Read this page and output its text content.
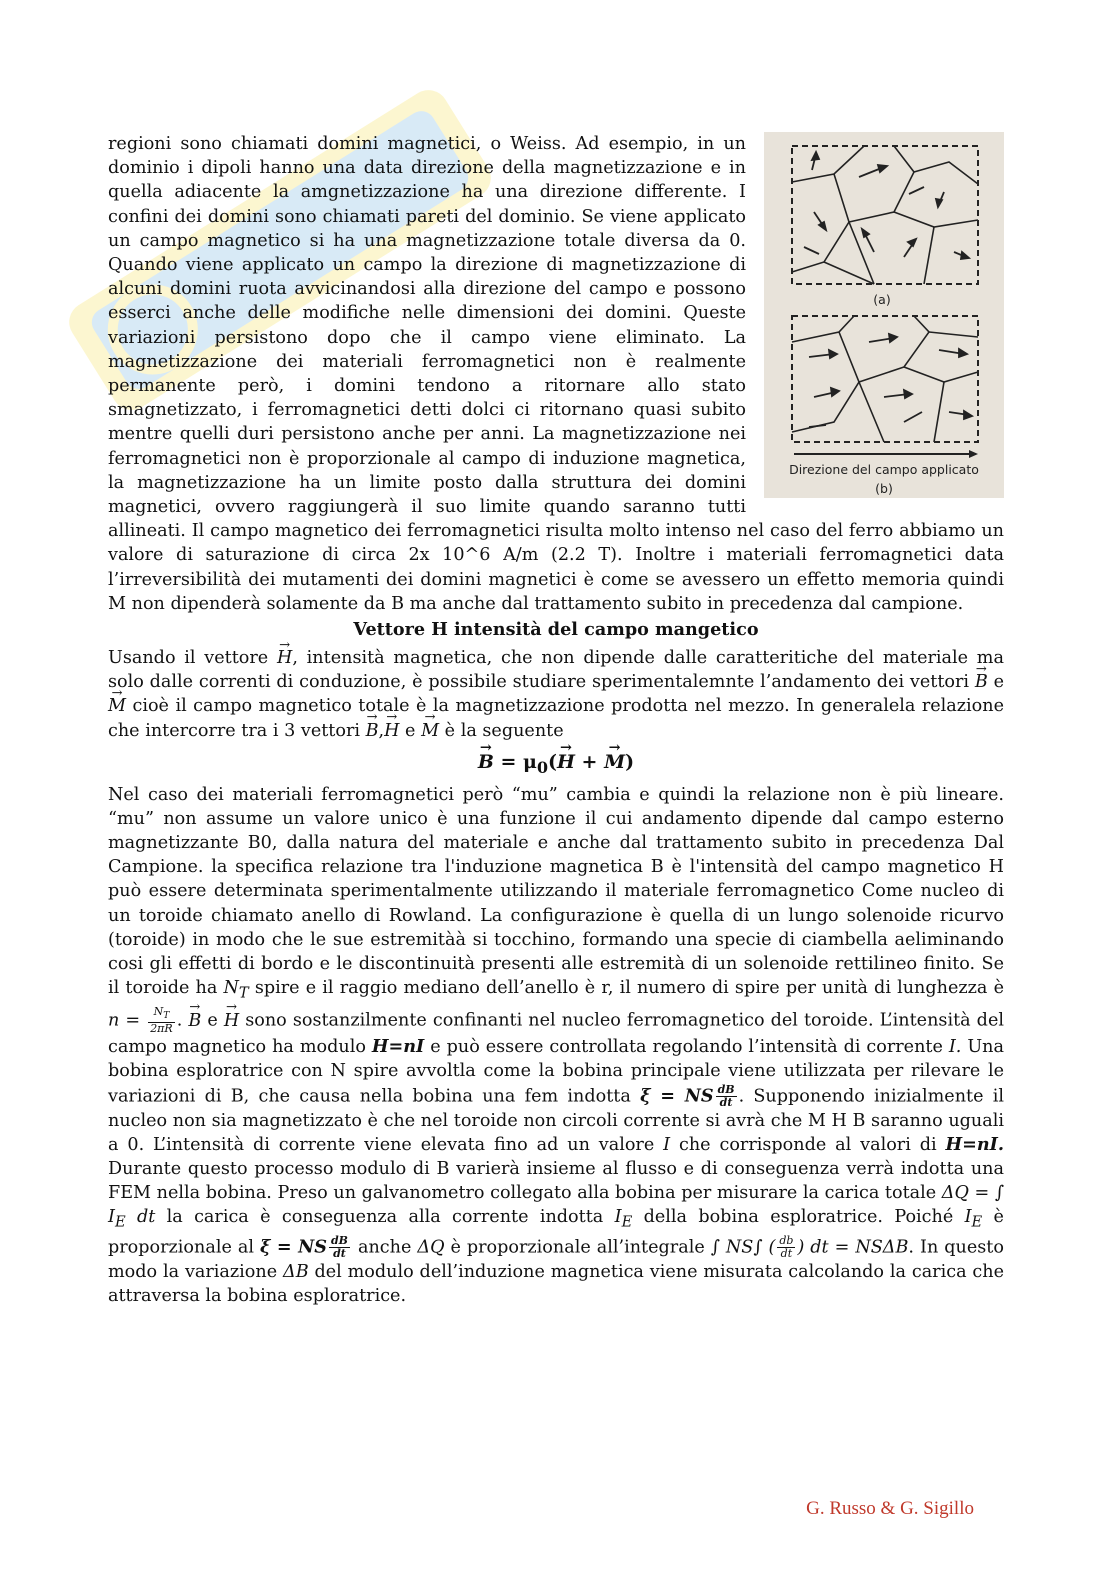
(a)
Direzione del campo applicato
(b)

regioni sono chiamati domini magnetici, o Weiss. Ad esempio, in un dominio i dipoli hanno una data direzione della magnetizzazione e in quella adiacente la amgnetizzazione ha una direzione differente. I confini dei domini sono chiamati pareti del dominio. Se viene applicato un campo magnetico si ha una magnetizzazione totale diversa da 0. Quando viene applicato un campo la direzione di magnetizzazione di alcuni domini ruota avvicinandosi alla direzione del campo e possono esserci anche delle modifiche nelle dimensioni dei domini. Queste variazioni persistono dopo che il campo viene eliminato. La magnetizzazione dei materiali ferromagnetici non è realmente permanente però, i domini tendono a ritornare allo stato smagnetizzato, i ferromagnetici detti dolci ci ritornano quasi subito mentre quelli duri persistono anche per anni. La magnetizzazione nei ferromagnetici non è proporzionale al campo di induzione magnetica, la magnetizzazione ha un limite posto dalla struttura dei domini magnetici, ovvero raggiungerà il suo limite quando saranno tutti allineati. Il campo magnetico dei ferromagnetici risulta molto intenso nel caso del ferro abbiamo un valore di saturazione di circa 2x 10^6 A/m (2.2 T). Inoltre i materiali ferromagnetici data l’irreversibilità dei mutamenti dei domini magnetici è come se avessero un effetto memoria quindi M non dipenderà solamente da B ma anche dal trattamento subito in precedenza dal campione.

Vettore H intensità del campo mangetico

Usando il vettore → H, intensità magnetica, che non dipende dalle caratteritiche del materiale ma solo dalle correnti di conduzione, è possibile studiare sperimentalemnte l’andamento dei vettori → B e → M cioè il campo magnetico totale è la magnetizzazione prodotta nel mezzo. In generalela relazione che intercorre tra i 3 vettori → B,→ H e → M è la seguente

→ $B = \mu_0(\to H$ + → M)

Nel caso dei materiali ferromagnetici però “mu” cambia e quindi la relazione non è più lineare. “mu” non assume un valore unico è una funzione il cui andamento dipende dal campo esterno magnetizzante B0, dalla natura del materiale e anche dal trattamento subito in precedenza Dal Campione. la specifica relazione tra l'induzione magnetica B è l'intensità del campo magnetico H può essere determinata sperimentalmente utilizzando il materiale ferromagnetico Come nucleo di un toroide chiamato anello di Rowland. La configurazione è quella di un lungo solenoide ricurvo (toroide) in modo che le sue estremitàà si tocchino, formando una specie di ciambella aeliminando cosi gli effetti di bordo e le discontinuità presenti alle estremità di un solenoide rettilineo finito. Se il toroide ha $N_T$ spire e il raggio mediano dell’anello è r, il numero di spire per unità di lunghezza è $n = \frac{N_T}{2\pi R}$ . → B e → H sono sostanzilmente confinanti nel nucleo ferromagnetico del toroide. L’intensità del campo magnetico ha modulo H=nI e può essere controllata regolando l’intensità di corrente I. Una bobina esploratrice con N spire avvoltla come la bobina principale viene utilizzata per rilevare le variazioni di B, che causa nella bobina una fem indotta ξ = NS $\frac{dB}{dt}$ . Supponendo inizialmente il nucleo non sia magnetizzato è che nel toroide non circoli corrente si avrà che M H B saranno uguali a 0. L’intensità di corrente viene elevata fino ad un valore I che corrisponde al valori di H=nI. Durante questo processo modulo di B varierà insieme al flusso e di conseguenza verrà indotta una FEM nella bobina. Preso un galvanometro collegato alla bobina per misurare la carica totale ΔQ = ∫ $I_E$ dt la carica è conseguenza alla corrente indotta $I_E$ della bobina esploratrice. Poiché $I_E$ è proporzionale al ξ = NS $\frac{dB}{dt}$ anche ΔQ è proporzionale all’integrale ∫ NS∫ ( $\frac{db}{dt}$ ) dt = NSΔB. In questo modo la variazione ΔB del modulo dell’induzione magnetica viene misurata calcolando la carica che attraversa la bobina esploratrice.

G. Russo & G. Sigillo
